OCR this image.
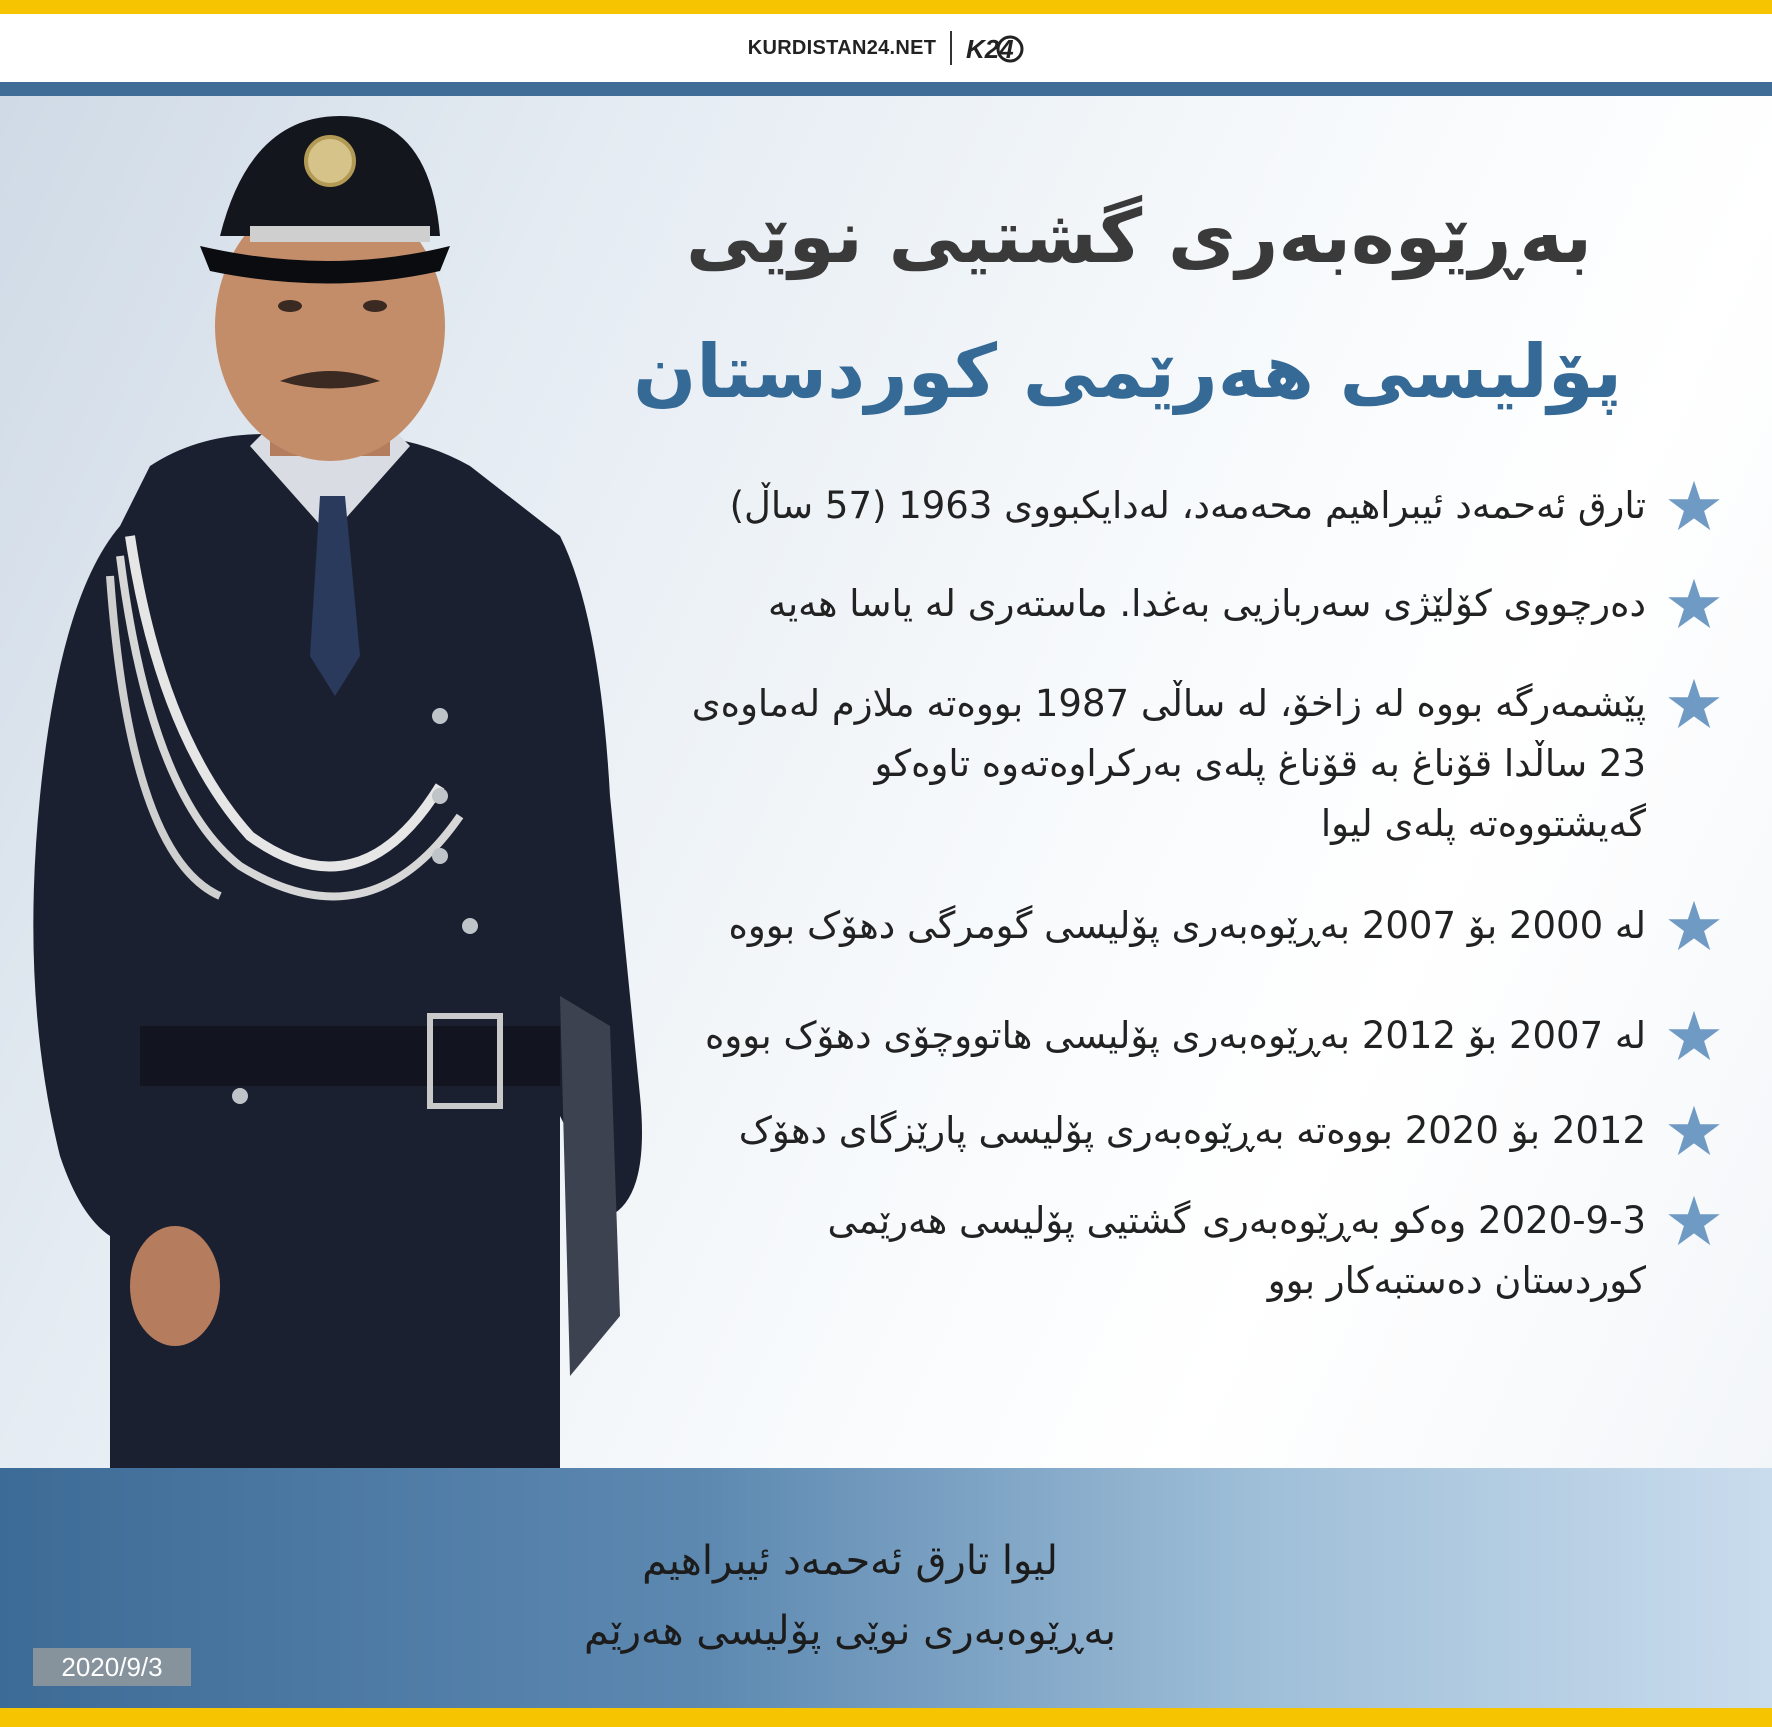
KURDISTAN24.NET K24
بەڕێوەبەری گشتیی نوێی
پۆلیسی هەرێمی کوردستان
تارق ئەحمەد ئیبراهیم محەمەد، لەدایکبووی 1963 (57 ساڵ)
دەرچووی کۆلێژی سەربازیی بەغدا. ماستەری لە یاسا هەیە
پێشمەرگە بووە لە زاخۆ، لە ساڵی 1987 بووەتە ملازم لەماوەی
23 ساڵدا قۆناغ بە قۆناغ پلەی بەرکراوەتەوە تاوەکو
گەیشتووەتە پلەی لیوا
لە 2000 بۆ 2007 بەڕێوەبەری پۆلیسی گومرگی دهۆک بووە
لە 2007 بۆ 2012 بەڕێوەبەری پۆلیسی هاتووچۆی دهۆک بووە
2012 بۆ 2020 بووەتە بەڕێوەبەری پۆلیسی پارێزگای دهۆک
2020-9-3 وەکو بەڕێوەبەری گشتیی پۆلیسی هەرێمی
کوردستان دەستبەکار بوو
لیوا تارق ئەحمەد ئیبراهیم
بەڕێوەبەری نوێی پۆلیسی هەرێم
2020/9/3
